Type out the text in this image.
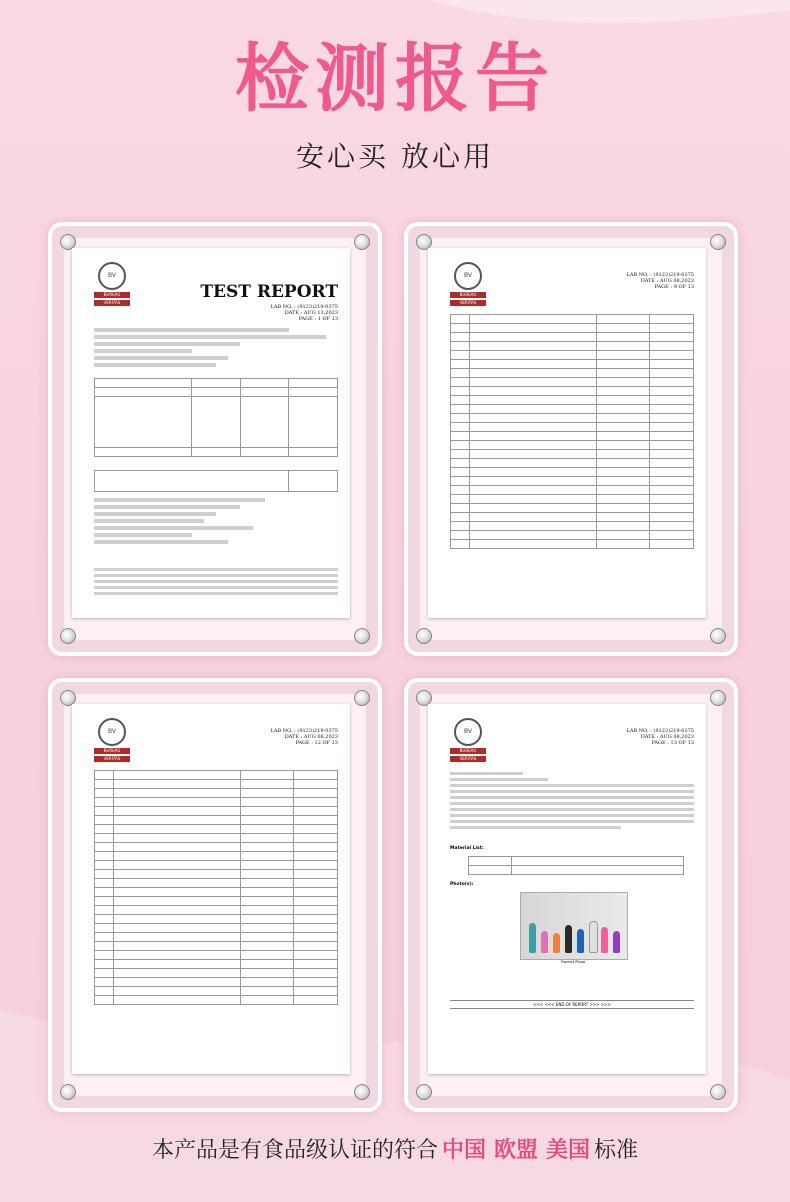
检测报告
安心买 放心用
BV
BUREAU
VERITAS
TEST REPORT
LAB NO. : (9123)219-0375
DATE : AUG 13,2023
PAGE : 1 OF 13

BV
BUREAU
VERITAS
LAB NO. : (9123)219-0375
DATE : AUG 08,2023
PAGE : 9 OF 13

BV
BUREAU
VERITAS
LAB NO. : (9123)219-0375
DATE : AUG 08,2023
PAGE : 12 OF 13

BV
BUREAU
VERITAS
LAB NO. : (9123)219-0375
DATE : AUG 08,2023
PAGE : 13 OF 13
Material List:

Photo(s):
Product Photo
<<< <<< END OF REPORT >>> >>>
本产品是有食品级认证的符合 中国 欧盟 美国 标准
